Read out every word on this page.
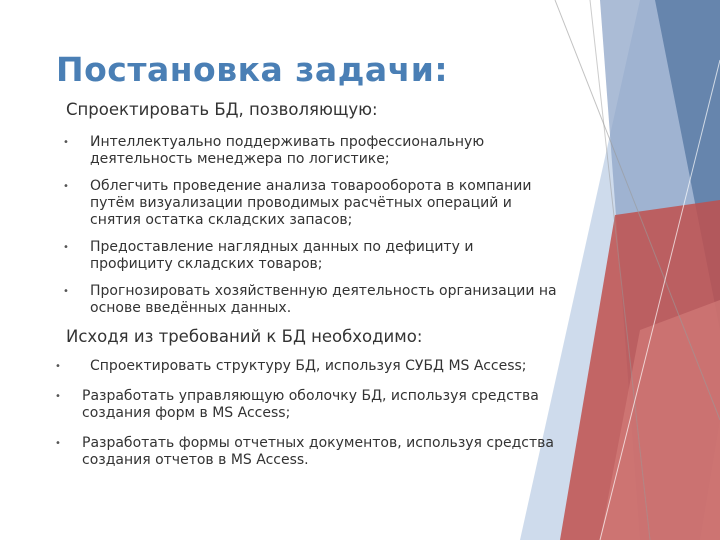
Постановка задачи:
Спроектировать БД, позволяющую:
• Интеллектуально поддерживать профессиональную
деятельность менеджера по логистике;
• Облегчить проведение анализа товарооборота в компании
путём визуализации проводимых расчётных операций и
снятия остатка складских запасов;
• Предоставление наглядных данных по дефициту и
профициту складских товаров;
• Прогнозировать хозяйственную деятельность организации на
основе введённых данных.
Исходя из требований к БД необходимо:
• Спроектировать структуру БД, используя СУБД MS Access;
• Разработать управляющую оболочку БД, используя средства
создания форм в MS Access;
• Разработать формы отчетных документов, используя средства
создания отчетов в MS Access.
